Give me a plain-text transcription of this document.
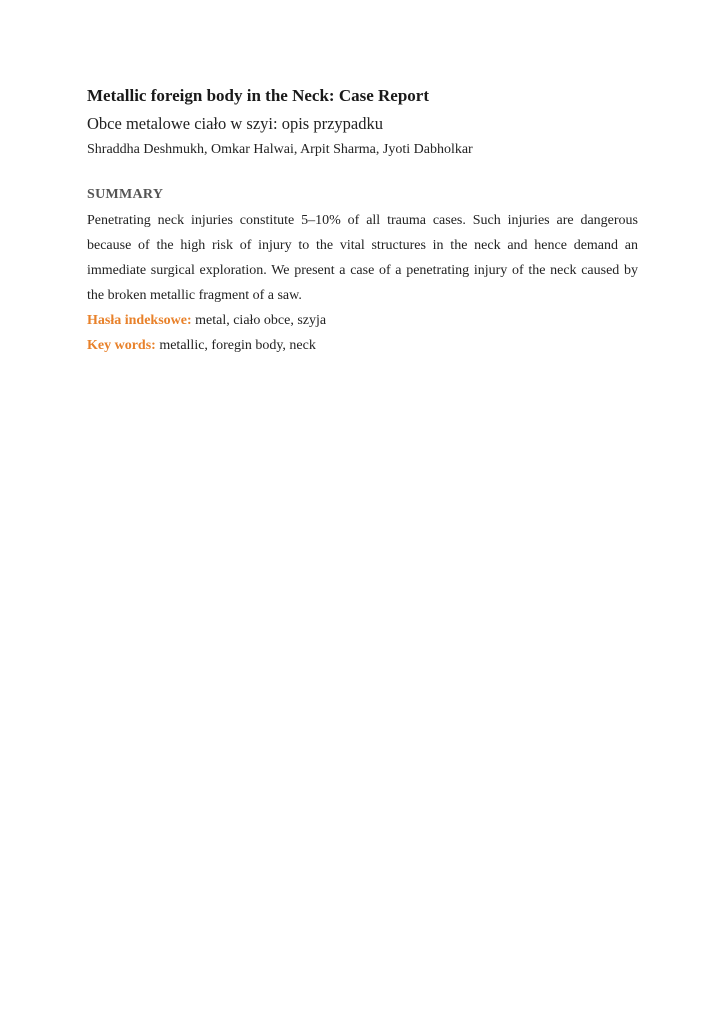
Metallic foreign body in the Neck: Case Report

Obce metalowe ciało w szyi: opis przypadku

Shraddha Deshmukh, Omkar Halwai, Arpit Sharma, Jyoti Dabholkar

SUMMARY

Penetrating neck injuries constitute 5–10% of all trauma cases. Such injuries are dangerous because of the high risk of injury to the vital structures in the neck and hence demand an immediate surgical exploration. We present a case of a penetrating injury of the neck caused by the broken metallic fragment of a saw.

Hasła indeksowe: metal, ciało obce, szyja

Key words: metallic, foregin body, neck
